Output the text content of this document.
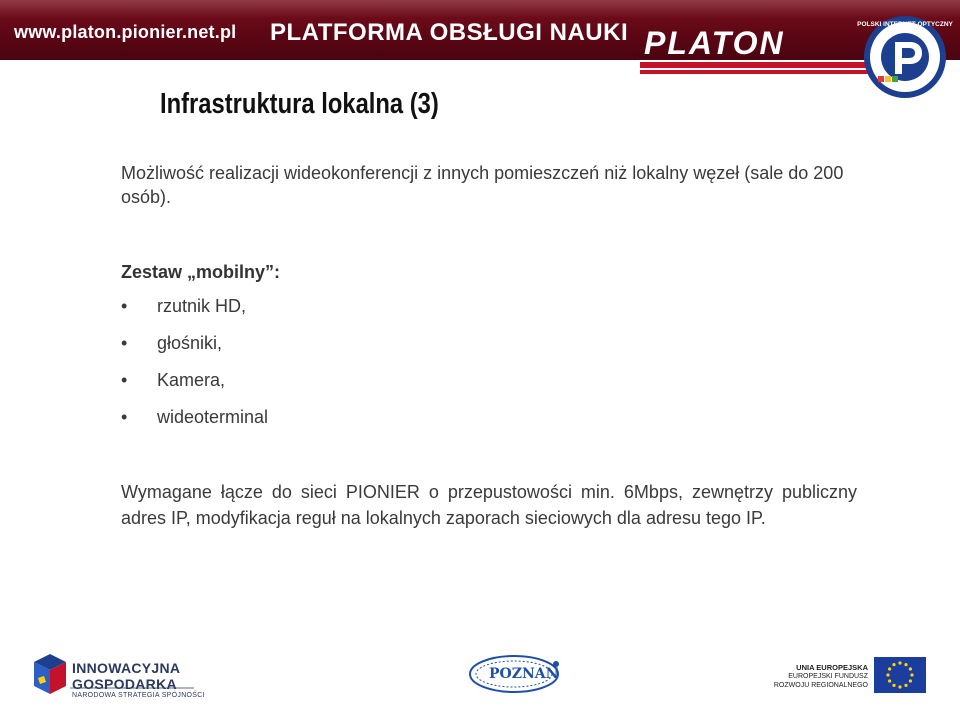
www.platon.pionier.net.pl PLATFORMA OBSŁUGI NAUKI PLATON
POLSKI INTERNET OPTYCZNY
Infrastruktura lokalna (3)
Możliwość realizacji wideokonferencji z innych pomieszczeń niż lokalny węzeł (sale do 200 osób).
Zestaw „mobilny”:
• rzutnik HD,
• głośniki,
• Kamera,
• wideoterminal
Wymagane łącze do sieci PIONIER o przepustowości min. 6Mbps, zewnętrzy publiczny adres IP, modyfikacja reguł na lokalnych zaporach sieciowych dla adresu tego IP.
INNOWACYJNA
GOSPODARKA
NARODOWA STRATEGIA SPÓJNOŚCI
POZNAN	UNIA EUROPEJSKA
EUROPEJSKI FUNDUSZ
ROZWOJU REGIONALNEGO
